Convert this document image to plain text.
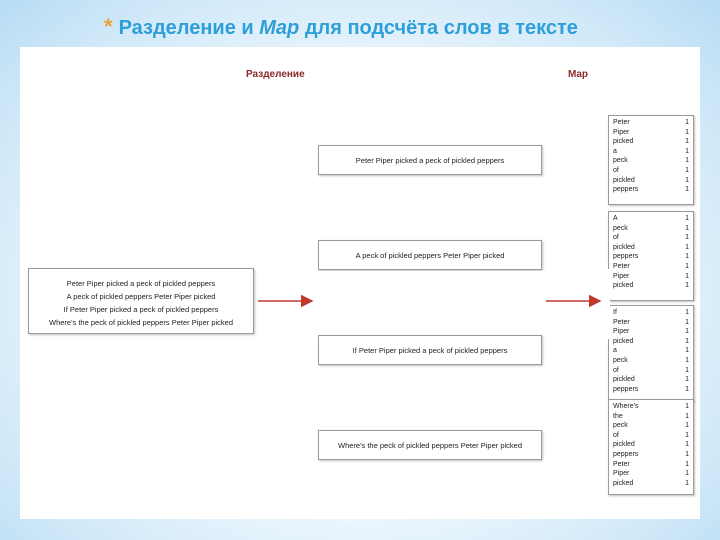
* Разделение и Map для подсчёта слов в тексте
Разделение	Map
Peter Piper picked a peck of pickled peppers
A peck of pickled peppers Peter Piper picked
If Peter Piper picked a peck of pickled peppers
Where's the peck of pickled peppers Peter Piper picked
Peter Piper picked a peck of pickled peppers
A peck of pickled peppers Peter Piper picked
If Peter Piper picked a peck of pickled peppers
Where's the peck of pickled peppers Peter Piper picked
Peter	1
Piper	1
picked	1
a	1
peck	1
of	1
pickled	1
peppers	1
A	1
peck	1
of	1
pickled	1
peppers	1
Peter	1
Piper	1
picked	1
If	1
Peter	1
Piper	1
picked	1
a	1
peck	1
of	1
pickled	1
peppers	1
Where's	1
the	1
peck	1
of	1
pickled	1
peppers	1
Peter	1
Piper	1
picked	1
